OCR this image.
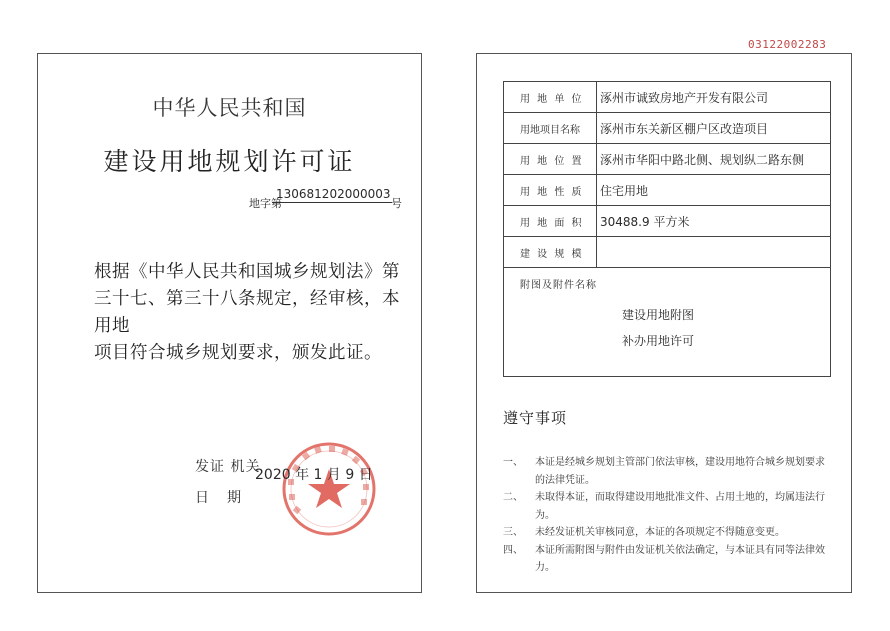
03122002283
中华人民共和国
建设用地规划许可证
地字第
130681202000003
号
根据《中华人民共和国城乡规划法》第
三十七、第三十八条规定，经审核，本用地
项目符合城乡规划要求，颁发此证。
发证 机关
日 期
2020 年 1 月 9 日
用 地 单 位	涿州市诚致房地产开发有限公司
用地项目名称	涿州市东关新区棚户区改造项目
用 地 位 置	涿州市华阳中路北侧、规划纵二路东侧
用 地 性 质	住宅用地
用 地 面 积	30488.9 平方米
建 设 规 模
附图及附件名称
建设用地附图
补办用地许可
遵守事项
一、	本证是经城乡规划主管部门依法审核，建设用地符合城乡规划要求的法律凭证。
二、	未取得本证，而取得建设用地批准文件、占用土地的，均属违法行为。
三、	未经发证机关审核同意，本证的各项规定不得随意变更。
四、	本证所需附图与附件由发证机关依法确定，与本证具有同等法律效力。
